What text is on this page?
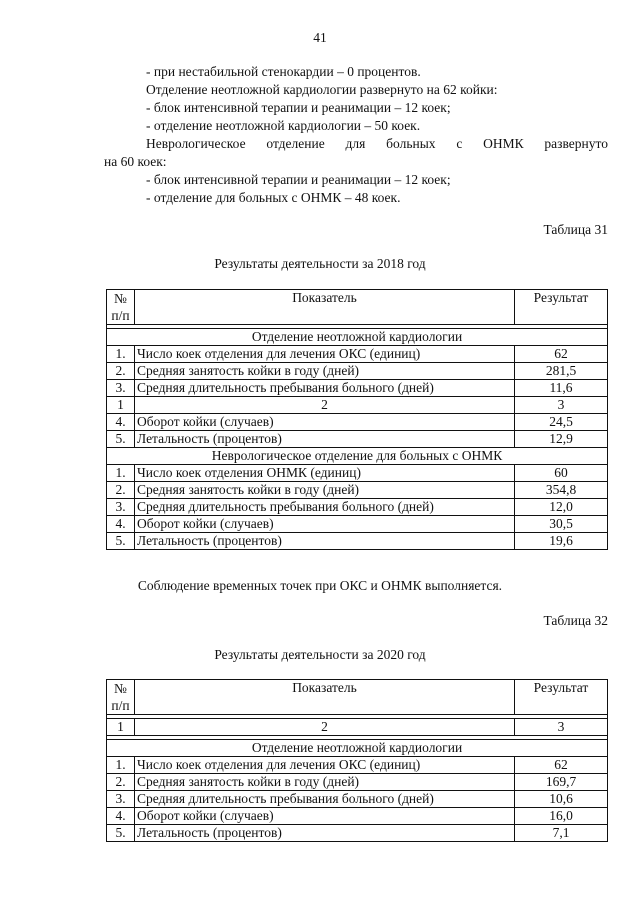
41
- при нестабильной стенокардии – 0 процентов.
Отделение неотложной кардиологии развернуто на 62 койки:
- блок интенсивной терапии и реанимации – 12 коек;
- отделение неотложной кардиологии – 50 коек.
Неврологическое отделение для больных с ОНМК развернуто
на 60 коек:
- блок интенсивной терапии и реанимации – 12 коек;
- отделение для больных с ОНМК – 48 коек.
Таблица 31
Результаты деятельности за 2018 год
№ п/п	Показатель	Результат

Отделение неотложной кардиологии		
1.	Число коек отделения для лечения ОКС (единиц)	62
2.	Средняя занятость койки в году (дней)	281,5
3.	Средняя длительность пребывания больного (дней)	11,6
1	2	3
4.	Оборот койки (случаев)	24,5
5.	Летальность (процентов)	12,9
Неврологическое отделение для больных с ОНМК		
1.	Число коек отделения ОНМК (единиц)	60
2.	Средняя занятость койки в году (дней)	354,8
3.	Средняя длительность пребывания больного (дней)	12,0
4.	Оборот койки (случаев)	30,5
5.	Летальность (процентов)	19,6
Соблюдение временных точек при ОКС и ОНМК выполняется.
Таблица 32
Результаты деятельности за 2020 год
№ п/п	Показатель	Результат

1	2	3

Отделение неотложной кардиологии		
1.	Число коек отделения для лечения ОКС (единиц)	62
2.	Средняя занятость койки в году (дней)	169,7
3.	Средняя длительность пребывания больного (дней)	10,6
4.	Оборот койки (случаев)	16,0
5.	Летальность (процентов)	7,1
